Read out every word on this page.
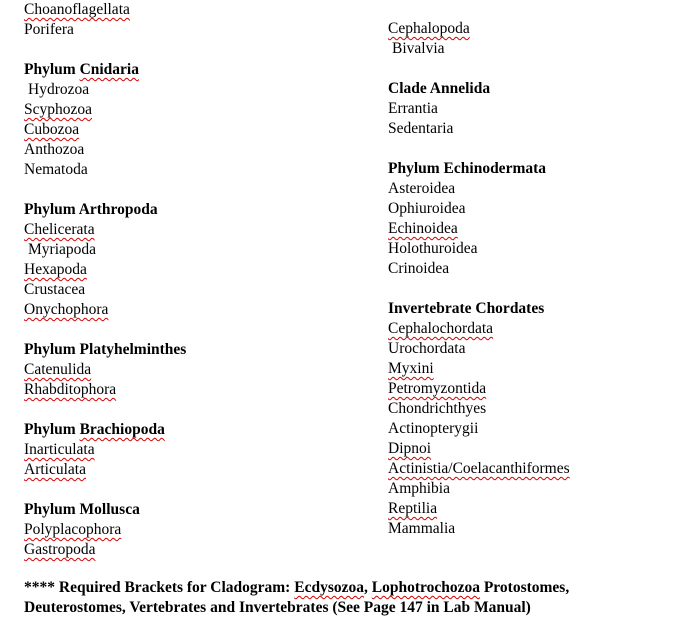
Choanoflagellata
Porifera
Phylum Cnidaria
Hydrozoa
Scyphozoa
Cubozoa
Anthozoa
Nematoda
Phylum Arthropoda
Chelicerata
Myriapoda
Hexapoda
Crustacea
Onychophora
Phylum Platyhelminthes
Catenulida
Rhabditophora
Phylum Brachiopoda
Inarticulata
Articulata
Phylum Mollusca
Polyplacophora
Gastropoda
Cephalopoda
Bivalvia
Clade Annelida
Errantia
Sedentaria
Phylum Echinodermata
Asteroidea
Ophiuroidea
Echinoidea
Holothuroidea
Crinoidea
Invertebrate Chordates
Cephalochordata
Urochordata
Myxini
Petromyzontida
Chondrichthyes
Actinopterygii
Dipnoi
Actinistia/Coelacanthiformes
Amphibia
Reptilia
Mammalia
**** Required Brackets for Cladogram: Ecdysozoa, Lophotrochozoa Protostomes, Deuterostomes, Vertebrates and Invertebrates (See Page 147 in Lab Manual)
